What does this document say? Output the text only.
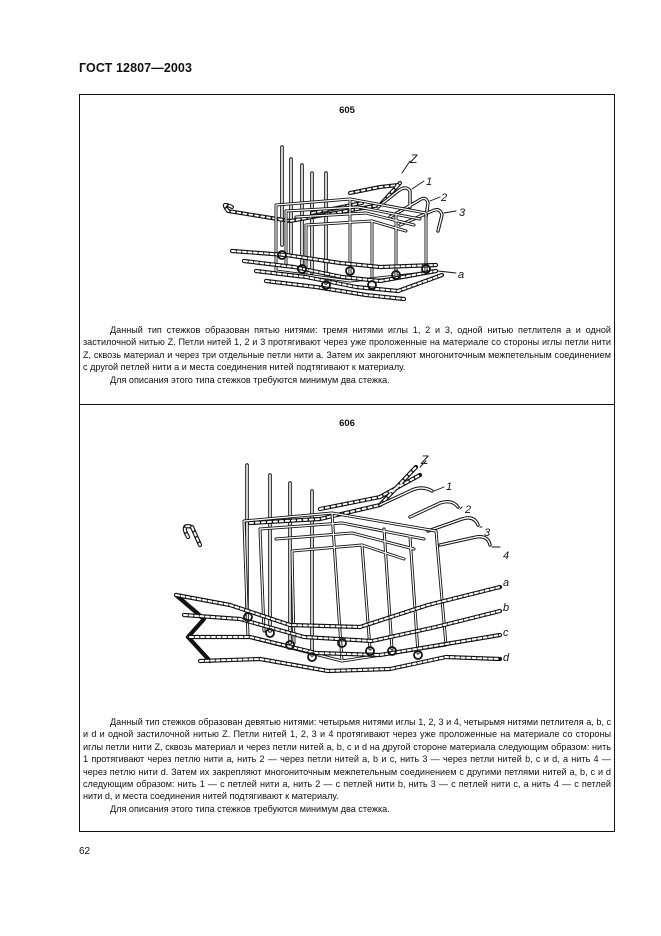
ГОСТ 12807—2003
605
Z
1
2
3
a

Данный тип стежков образован пятью нитями: тремя нитями иглы 1, 2 и 3, одной нитью петлителя a и одной застилочной нитью Z. Петли нитей 1, 2 и 3 протягивают через уже проложенные на материале со стороны иглы петли нити Z, сквозь материал и через три отдельные петли нити a. Затем их закрепляют многониточным межпетельным соединением с другой петлей нити a и места соединения нитей подтягивают к материалу.

Для описания этого типа стежков требуются минимум два стежка.

606
Z
1
2
3
4
a
b
c
d

Данный тип стежков образован девятью нитями: четырьмя нитями иглы 1, 2, 3 и 4, четырьмя нитями петлителя a, b, c и d и одной застилочной нитью Z. Петли нитей 1, 2, 3 и 4 протягивают через уже проложенные на материале со стороны иглы петли нити Z, сквозь материал и через петли нитей a, b, c и d на другой стороне материала следующим образом: нить 1 протягивают через петлю нити a, нить 2 — через петли нитей a, b и c, нить 3 — через петли нитей b, c и d, а нить 4 — через петлю нити d. Затем их закрепляют многониточным межпетельным соединением с другими петлями нитей a, b, c и d следующим образом: нить 1 — с петлей нити a, нить 2 — с петлей нити b, нить 3 — с петлей нити c, а нить 4 — с петлей нити d, и места соединения нитей подтягивают к материалу.

Для описания этого типа стежков требуются минимум два стежка.

62
